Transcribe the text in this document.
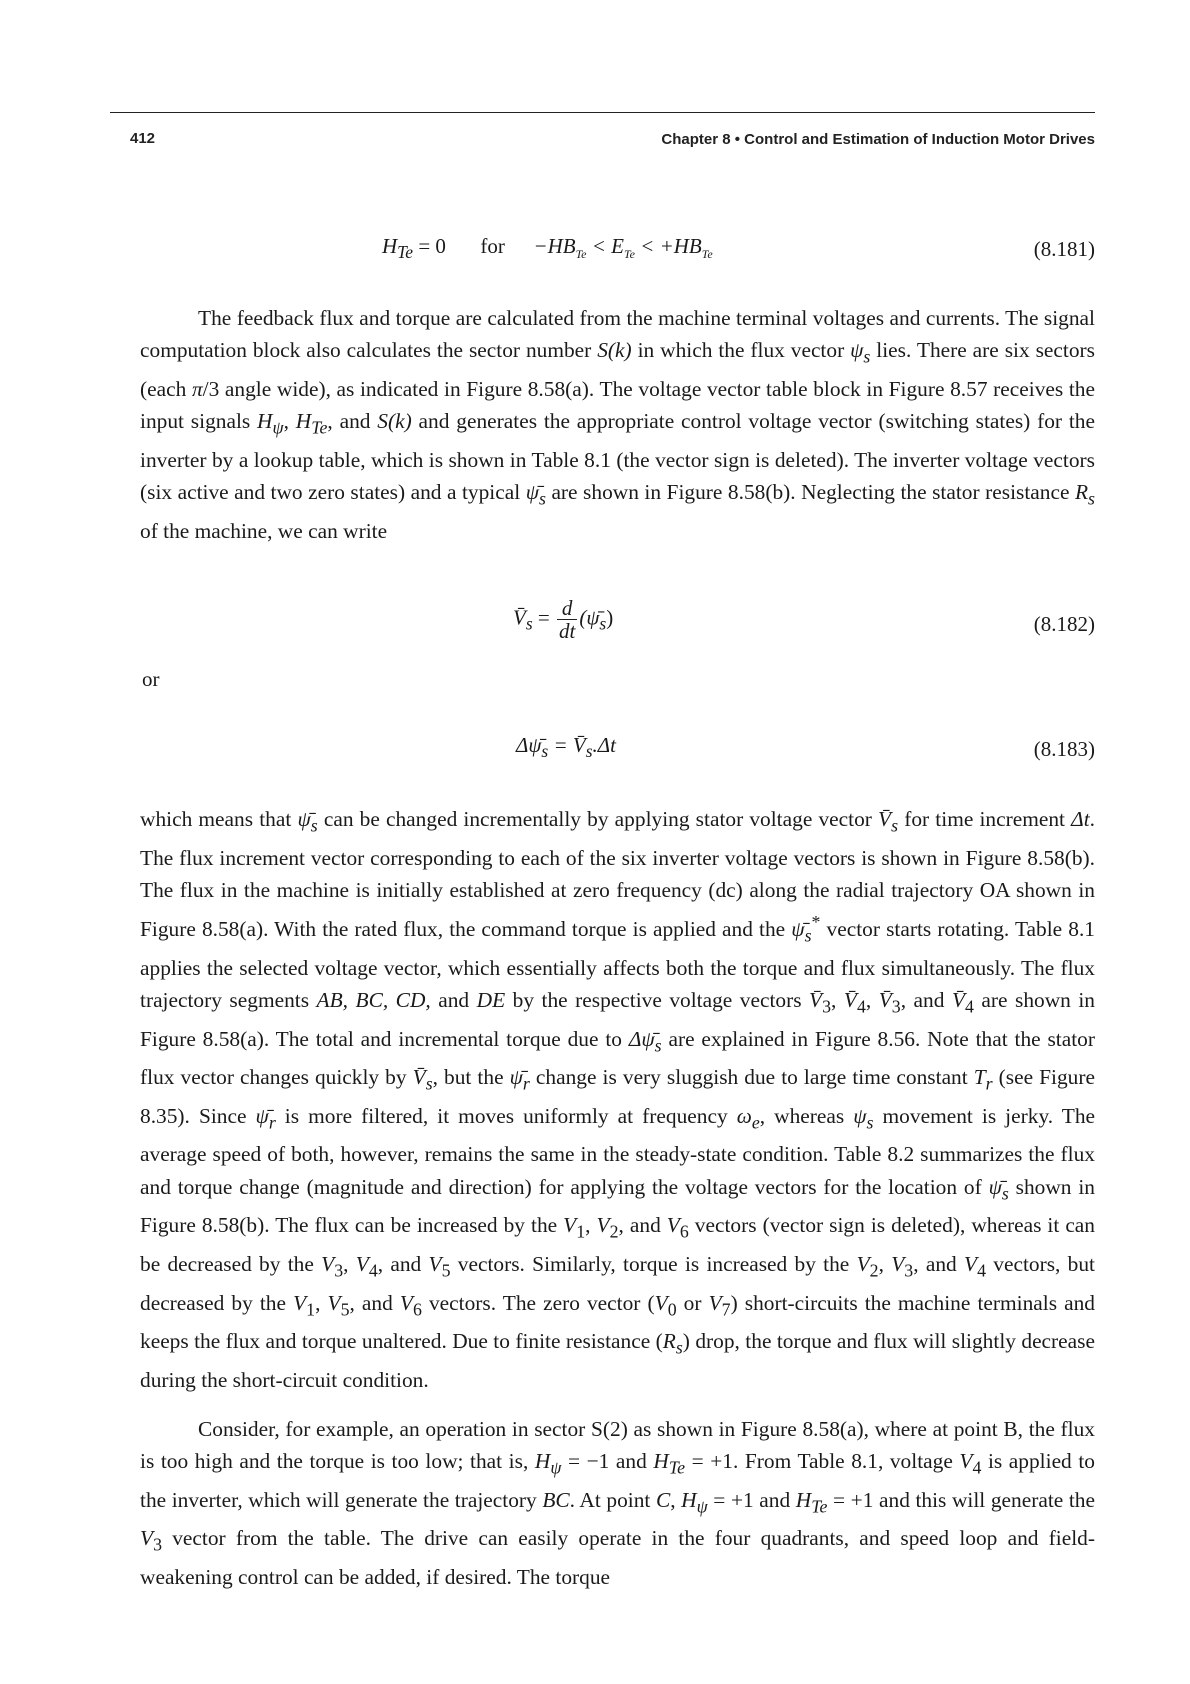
412	Chapter 8 • Control and Estimation of Induction Motor Drives
$H_{Te} = 0$ for $-HB_{Te} < E_{Te} < +HB_{Te}$	(8.181)

The feedback flux and torque are calculated from the machine terminal voltages and currents. The signal computation block also calculates the sector number S(k) in which the flux vector $\psi_s$ lies. There are six sectors (each π/3 angle wide), as indicated in Figure 8.58(a). The voltage vector table block in Figure 8.57 receives the input signals $H_\psi$, $H_{Te}$, and S(k) and generates the appropriate control voltage vector (switching states) for the inverter by a lookup table, which is shown in Table 8.1 (the vector sign is deleted). The inverter voltage vectors (six active and two zero states) and a typical $\psī_s$ are shown in Figure 8.58(b). Neglecting the stator resistance $R_s$ of the machine, we can write

$V̄_s = \frac{d}{dt}$ $(\psī_s)$	(8.182)
or
$\Delta\psī_s$ = $V̄_s.\Delta t$	(8.183)

which means that $\psī_s$ can be changed incrementally by applying stator voltage vector $V̄_s$ for time increment Δt. The flux increment vector corresponding to each of the six inverter voltage vectors is shown in Figure 8.58(b). The flux in the machine is initially established at zero frequency (dc) along the radial trajectory OA shown in Figure 8.58(a). With the rated flux, the command torque is applied and the $\psī_s^*$ vector starts rotating. Table 8.1 applies the selected voltage vector, which essentially affects both the torque and flux simultaneously. The flux trajectory segments AB, BC, CD, and DE by the respective voltage vectors $V̄_3$, $V̄_4$, $V̄_3$, and $V̄_4$ are shown in Figure 8.58(a). The total and incremental torque due to $\Delta\psī_s$ are explained in Figure 8.56. Note that the stator flux vector changes quickly by $V̄_s$, but the $\psī_r$ change is very sluggish due to large time constant $T_r$ (see Figure 8.35). Since $\psī_r$ is more filtered, it moves uniformly at frequency $\omega_e$, whereas $\psi_s$ movement is jerky. The average speed of both, however, remains the same in the steady-state condition. Table 8.2 summarizes the flux and torque change (magnitude and direction) for applying the voltage vectors for the location of $\psī_s$ shown in Figure 8.58(b). The flux can be increased by the $V_1$, $V_2$, and $V_6$ vectors (vector sign is deleted), whereas it can be decreased by the $V_3$, $V_4$, and $V_5$ vectors. Similarly, torque is increased by the $V_2$, $V_3$, and $V_4$ vectors, but decreased by the $V_1$, $V_5$, and $V_6$ vectors. The zero vector ($V_0$ or $V_7$) short-circuits the machine terminals and keeps the flux and torque unaltered. Due to finite resistance $(R_s)$ drop, the torque and flux will slightly decrease during the short-circuit condition.

Consider, for example, an operation in sector S(2) as shown in Figure 8.58(a), where at point B, the flux is too high and the torque is too low; that is, $H_\psi = -1$ and $H_{Te} = +1$. From Table 8.1, voltage $V_4$ is applied to the inverter, which will generate the trajectory BC. At point C, $H_\psi = +1$ and $H_{Te} = +1$ and this will generate the $V_3$ vector from the table. The drive can easily operate in the four quadrants, and speed loop and field-weakening control can be added, if desired. The torque
